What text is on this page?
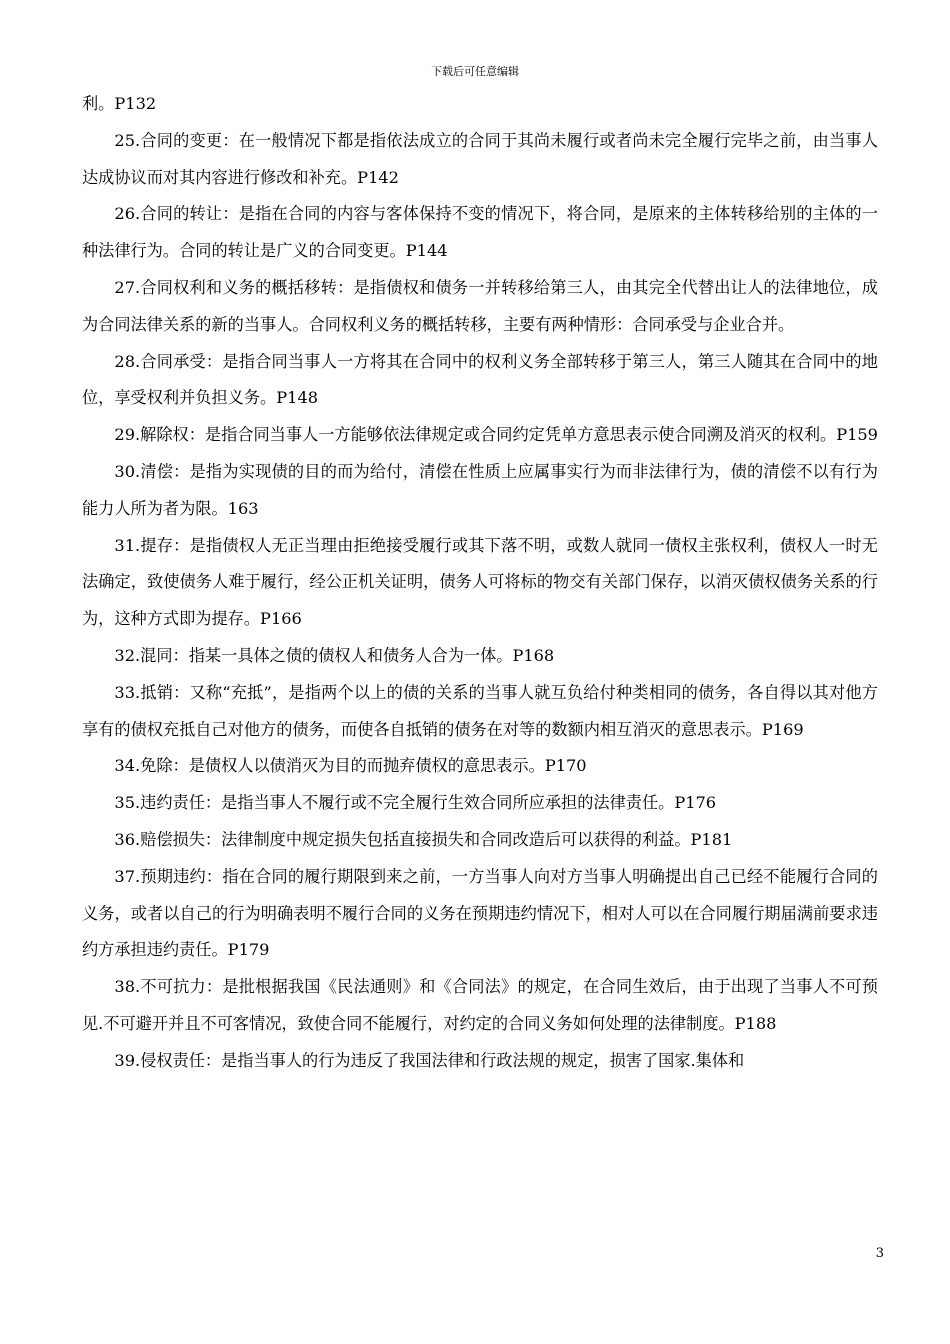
下载后可任意编辑

利。P132

25.合同的变更：在一般情况下都是指依法成立的合同于其尚未履行或者尚未完全履行完毕之前，由当事人达成协议而对其内容进行修改和补充。P142

26.合同的转让：是指在合同的内容与客体保持不变的情况下，将合同，是原来的主体转移给别的主体的一种法律行为。合同的转让是广义的合同变更。P144

27.合同权利和义务的概括移转：是指债权和债务一并转移给第三人，由其完全代替出让人的法律地位，成为合同法律关系的新的当事人。合同权利义务的概括转移，主要有两种情形：合同承受与企业合并。

28.合同承受：是指合同当事人一方将其在合同中的权利义务全部转移于第三人，第三人随其在合同中的地位，享受权利并负担义务。P148

29.解除权：是指合同当事人一方能够依法律规定或合同约定凭单方意思表示使合同溯及消灭的权利。P159

30.清偿：是指为实现债的目的而为给付，清偿在性质上应属事实行为而非法律行为，债的清偿不以有行为能力人所为者为限。163

31.提存：是指债权人无正当理由拒绝接受履行或其下落不明，或数人就同一债权主张权利，债权人一时无法确定，致使债务人难于履行，经公正机关证明，债务人可将标的物交有关部门保存，以消灭债权债务关系的行为，这种方式即为提存。P166

32.混同：指某一具体之债的债权人和债务人合为一体。P168

33.抵销：又称“充抵”，是指两个以上的债的关系的当事人就互负给付种类相同的债务，各自得以其对他方享有的债权充抵自己对他方的债务，而使各自抵销的债务在对等的数额内相互消灭的意思表示。P169

34.免除：是债权人以债消灭为目的而抛弃债权的意思表示。P170

35.违约责任：是指当事人不履行或不完全履行生效合同所应承担的法律责任。P176

36.赔偿损失：法律制度中规定损失包括直接损失和合同改造后可以获得的利益。P181

37.预期违约：指在合同的履行期限到来之前，一方当事人向对方当事人明确提出自己已经不能履行合同的义务，或者以自己的行为明确表明不履行合同的义务在预期违约情况下，相对人可以在合同履行期届满前要求违约方承担违约责任。P179

38.不可抗力：是批根据我国《民法通则》和《合同法》的规定，在合同生效后，由于出现了当事人不可预见.不可避开并且不可客情况，致使合同不能履行，对约定的合同义务如何处理的法律制度。P188

39.侵权责任：是指当事人的行为违反了我国法律和行政法规的规定，损害了国家.集体和

3
